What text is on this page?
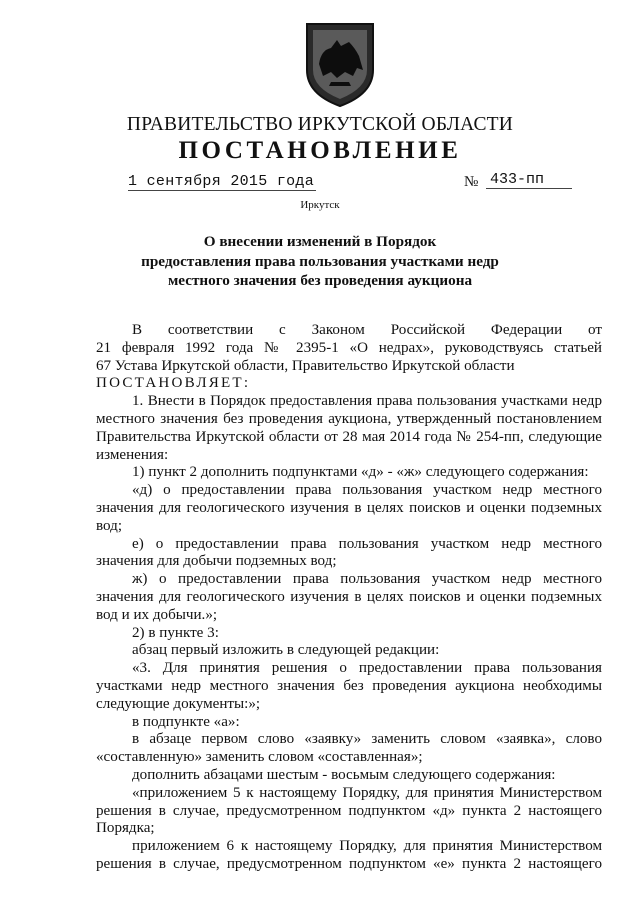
ПРАВИТЕЛЬСТВО ИРКУТСКОЙ ОБЛАСТИ
ПОСТАНОВЛЕНИЕ
1 сентября 2015 года	№ 433-пп
Иркутск
О внесении изменений в Порядок
предоставления права пользования участками недр
местного значения без проведения аукциона
В соответствии с Законом Российской Федерации от
21 февраля 1992 года № 2395-1 «О недрах», руководствуясь статьей
67 Устава Иркутской области, Правительство Иркутской области
ПОСТАНОВЛЯЕТ:
1. Внести в Порядок предоставления права пользования участками недр
местного значения без проведения аукциона, утвержденный постановлением
Правительства Иркутской области от 28 мая 2014 года № 254-пп, следующие
изменения:
1) пункт 2 дополнить подпунктами «д» - «ж» следующего содержания:
«д) о предоставлении права пользования участком недр местного
значения для геологического изучения в целях поисков и оценки подземных
вод;
е) о предоставлении права пользования участком недр местного
значения для добычи подземных вод;
ж) о предоставлении права пользования участком недр местного
значения для геологического изучения в целях поисков и оценки подземных
вод и их добычи.»;
2) в пункте 3:
абзац первый изложить в следующей редакции:
«3. Для принятия решения о предоставлении права пользования
участками недр местного значения без проведения аукциона необходимы
следующие документы:»;
в подпункте «а»:
в абзаце первом слово «заявку» заменить словом «заявка», слово
«составленную» заменить словом «составленная»;
дополнить абзацами шестым - восьмым следующего содержания:
«приложением 5 к настоящему Порядку, для принятия Министерством
решения в случае, предусмотренном подпунктом «д» пункта 2 настоящего
Порядка;
приложением 6 к настоящему Порядку, для принятия Министерством
решения в случае, предусмотренном подпунктом «е» пункта 2 настоящего
